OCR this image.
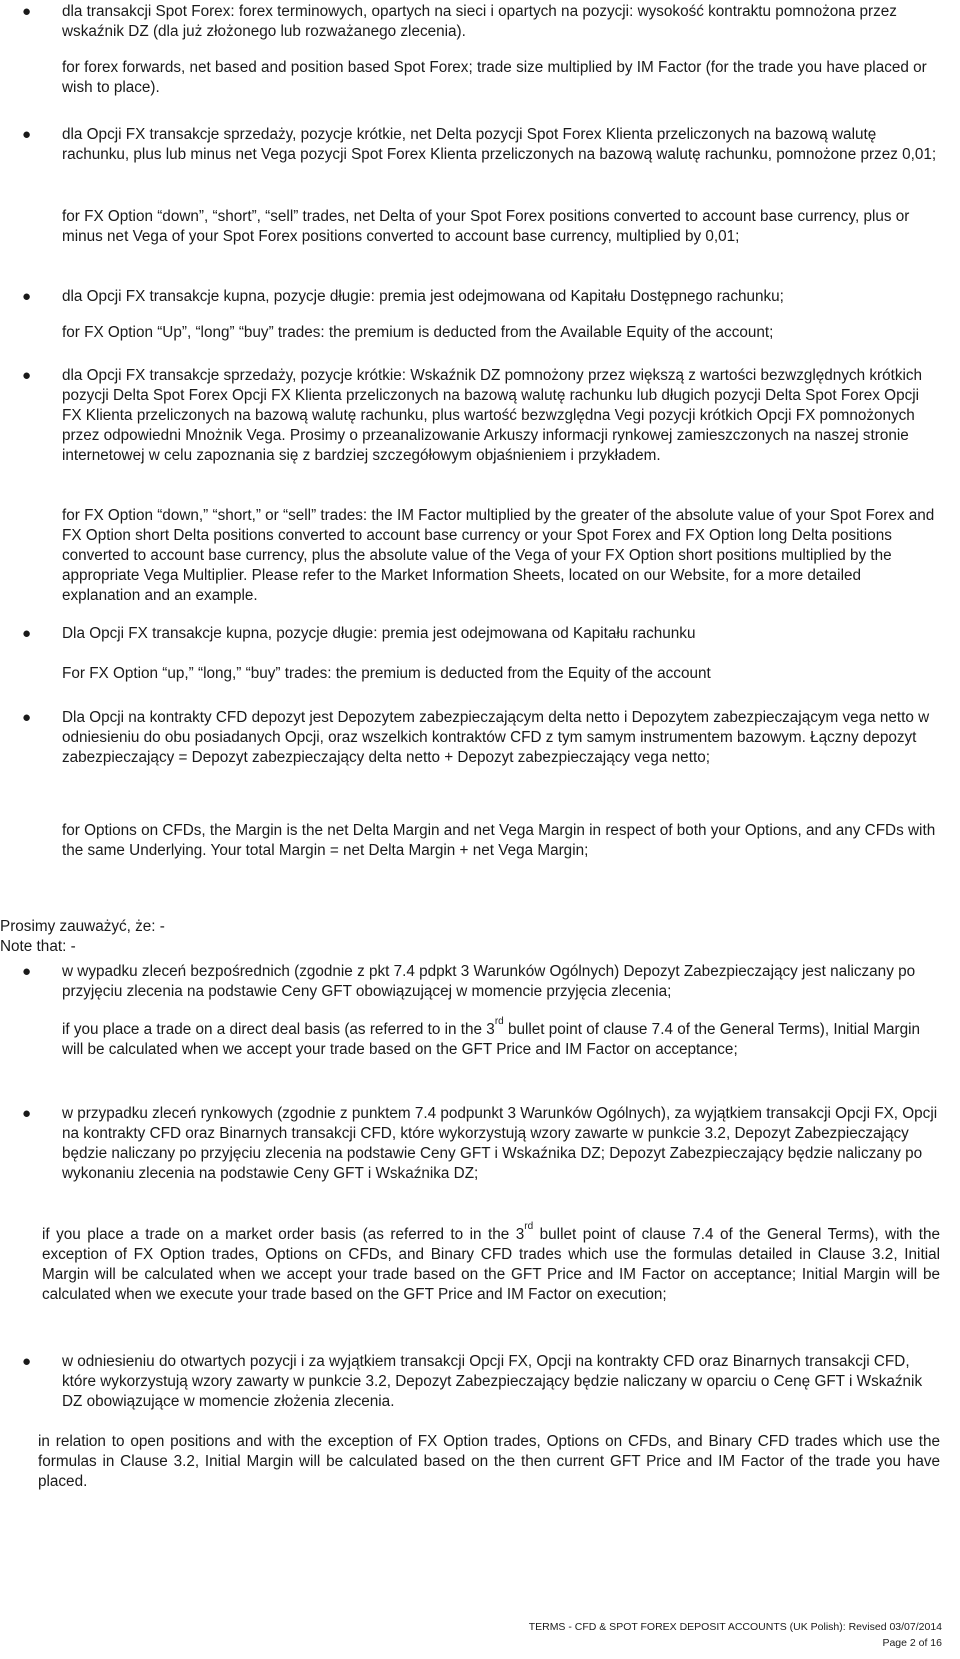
● dla transakcji Spot Forex: forex terminowych, opartych na sieci i opartych na pozycji: wysokość kontraktu pomnożona przez wskaźnik DZ (dla już złożonego lub rozważanego zlecenia).

for forex forwards, net based and position based Spot Forex; trade size multiplied by IM Factor (for the trade you have placed or wish to place).

● dla Opcji FX transakcje sprzedaży, pozycje krótkie, net Delta pozycji Spot Forex Klienta przeliczonych na bazową walutę rachunku, plus lub minus net Vega pozycji Spot Forex Klienta przeliczonych na bazową walutę rachunku, pomnożone przez 0,01;

for FX Option “down”, “short”, “sell” trades, net Delta of your Spot Forex positions converted to account base currency, plus or minus net Vega of your Spot Forex positions converted to account base currency, multiplied by 0,01;

● dla Opcji FX transakcje kupna, pozycje długie: premia jest odejmowana od Kapitału Dostępnego rachunku;

for FX Option “Up”, “long” “buy” trades: the premium is deducted from the Available Equity of the account;

● dla Opcji FX transakcje sprzedaży, pozycje krótkie: Wskaźnik DZ pomnożony przez większą z wartości bezwzględnych krótkich pozycji Delta Spot Forex Opcji FX Klienta przeliczonych na bazową walutę rachunku lub długich pozycji Delta Spot Forex Opcji FX Klienta przeliczonych na bazową walutę rachunku, plus wartość bezwzględna Vegi pozycji krótkich Opcji FX pomnożonych przez odpowiedni Mnożnik Vega. Prosimy o przeanalizowanie Arkuszy informacji rynkowej zamieszczonych na naszej stronie internetowej w celu zapoznania się z bardziej szczegółowym objaśnieniem i przykładem.

for FX Option “down,” “short,” or “sell” trades: the IM Factor multiplied by the greater of the absolute value of your Spot Forex and FX Option short Delta positions converted to account base currency or your Spot Forex and FX Option long Delta positions converted to account base currency, plus the absolute value of the Vega of your FX Option short positions multiplied by the appropriate Vega Multiplier. Please refer to the Market Information Sheets, located on our Website, for a more detailed explanation and an example.

● Dla Opcji FX transakcje kupna, pozycje długie: premia jest odejmowana od Kapitału rachunku

For FX Option “up,” “long,” “buy” trades: the premium is deducted from the Equity of the account

● Dla Opcji na kontrakty CFD depozyt jest Depozytem zabezpieczającym delta netto i Depozytem zabezpieczającym vega netto w odniesieniu do obu posiadanych Opcji, oraz wszelkich kontraktów CFD z tym samym instrumentem bazowym. Łączny depozyt zabezpieczający = Depozyt zabezpieczający delta netto + Depozyt zabezpieczający vega netto;

for Options on CFDs, the Margin is the net Delta Margin and net Vega Margin in respect of both your Options, and any CFDs with the same Underlying. Your total Margin = net Delta Margin + net Vega Margin;

Prosimy zauważyć, że: -

Note that: -

● w wypadku zleceń bezpośrednich (zgodnie z pkt 7.4 pdpkt 3 Warunków Ogólnych) Depozyt Zabezpieczający jest naliczany po przyjęciu zlecenia na podstawie Ceny GFT obowiązującej w momencie przyjęcia zlecenia;

if you place a trade on a direct deal basis (as referred to in the 3rd bullet point of clause 7.4 of the General Terms), Initial Margin will be calculated when we accept your trade based on the GFT Price and IM Factor on acceptance;

● w przypadku zleceń rynkowych (zgodnie z punktem 7.4 podpunkt 3 Warunków Ogólnych), za wyjątkiem transakcji Opcji FX, Opcji na kontrakty CFD oraz Binarnych transakcji CFD, które wykorzystują wzory zawarte w punkcie 3.2, Depozyt Zabezpieczający będzie naliczany po przyjęciu zlecenia na podstawie Ceny GFT i Wskaźnika DZ; Depozyt Zabezpieczający będzie naliczany po wykonaniu zlecenia na podstawie Ceny GFT i Wskaźnika DZ;

if you place a trade on a market order basis (as referred to in the 3rd bullet point of clause 7.4 of the General Terms), with the exception of FX Option trades, Options on CFDs, and Binary CFD trades which use the formulas detailed in Clause 3.2, Initial Margin will be calculated when we accept your trade based on the GFT Price and IM Factor on acceptance; Initial Margin will be calculated when we execute your trade based on the GFT Price and IM Factor on execution;

● w odniesieniu do otwartych pozycji i za wyjątkiem transakcji Opcji FX, Opcji na kontrakty CFD oraz Binarnych transakcji CFD, które wykorzystują wzory zawarty w punkcie 3.2, Depozyt Zabezpieczający będzie naliczany w oparciu o Cenę GFT i Wskaźnik DZ obowiązujące w momencie złożenia zlecenia.

in relation to open positions and with the exception of FX Option trades, Options on CFDs, and Binary CFD trades which use the formulas in Clause 3.2, Initial Margin will be calculated based on the then current GFT Price and IM Factor of the trade you have placed.

TERMS - CFD & SPOT FOREX DEPOSIT ACCOUNTS (UK Polish): Revised 03/07/2014
Page 2 of 16
